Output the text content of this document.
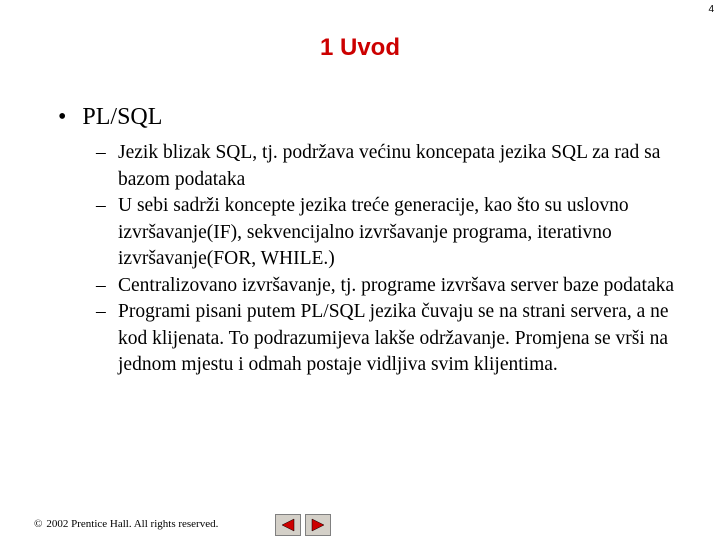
4
1 Uvod
• PL/SQL
– Jezik blizak SQL, tj. podržava većinu koncepata jezika SQL za rad sa bazom podataka
– U sebi sadrži koncepte jezika treće generacije, kao što su uslovno izvršavanje(IF), sekvencijalno izvršavanje programa, iterativno izvršavanje(FOR, WHILE.)
– Centralizovano izvršavanje, tj. programe izvršava server baze podataka
– Programi pisani putem PL/SQL jezika čuvaju se na strani servera, a ne kod klijenata. To podrazumijeva lakše održavanje. Promjena se vrši na jednom mjestu i odmah postaje vidljiva svim klijentima.
© 2002 Prentice Hall. All rights reserved.
